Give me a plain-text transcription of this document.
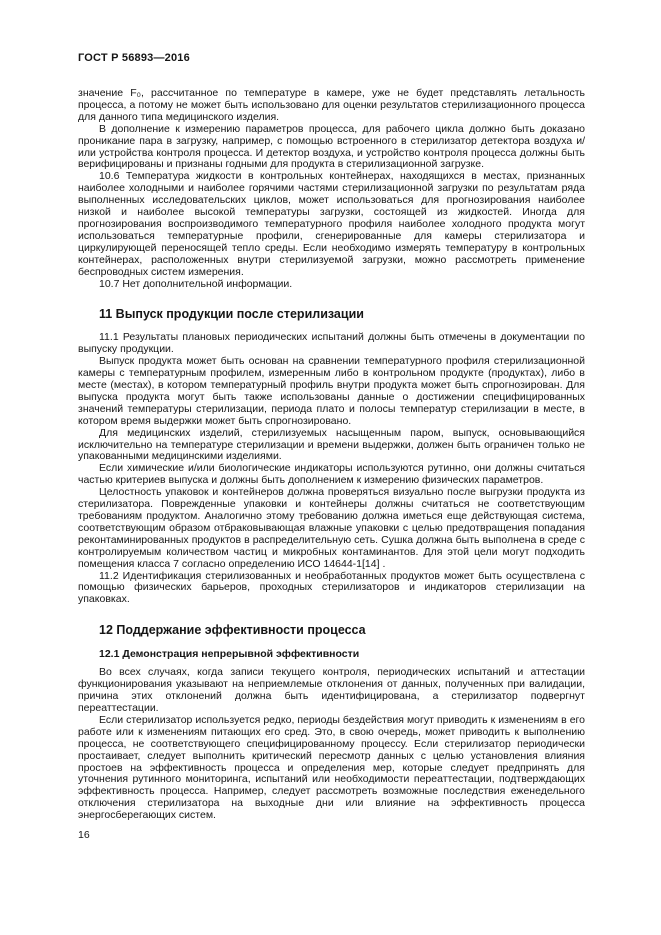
ГОСТ Р 56893—2016
значение F₀, рассчитанное по температуре в камере, уже не будет представлять летальность процесса, а потому не может быть использовано для оценки результатов стерилизационного процесса для данного типа медицинского изделия.
В дополнение к измерению параметров процесса, для рабочего цикла должно быть доказано проникание пара в загрузку, например, с помощью встроенного в стерилизатор детектора воздуха и/или устройства контроля процесса. И детектор воздуха, и устройство контроля процесса должны быть верифицированы и признаны годными для продукта в стерилизационной загрузке.
10.6 Температура жидкости в контрольных контейнерах, находящихся в местах, признанных наиболее холодными и наиболее горячими частями стерилизационной загрузки по результатам ряда выполненных исследовательских циклов, может использоваться для прогнозирования наиболее низкой и наиболее высокой температуры загрузки, состоящей из жидкостей. Иногда для прогнозирования воспроизводимого температурного профиля наиболее холодного продукта могут использоваться температурные профили, сгенерированные для камеры стерилизатора и циркулирующей переносящей тепло среды. Если необходимо измерять температуру в контрольных контейнерах, расположенных внутри стерилизуемой загрузки, можно рассмотреть применение беспроводных систем измерения.
10.7 Нет дополнительной информации.
11 Выпуск продукции после стерилизации
11.1 Результаты плановых периодических испытаний должны быть отмечены в документации по выпуску продукции.
Выпуск продукта может быть основан на сравнении температурного профиля стерилизационной камеры с температурным профилем, измеренным либо в контрольном продукте (продуктах), либо в месте (местах), в котором температурный профиль внутри продукта может быть спрогнозирован. Для выпуска продукта могут быть также использованы данные о достижении специфицированных значений температуры стерилизации, периода плато и полосы температур стерилизации в месте, в котором время выдержки может быть спрогнозировано.
Для медицинских изделий, стерилизуемых насыщенным паром, выпуск, основывающийся исключительно на температуре стерилизации и времени выдержки, должен быть ограничен только не упакованными медицинскими изделиями.
Если химические и/или биологические индикаторы используются рутинно, они должны считаться частью критериев выпуска и должны быть дополнением к измерению физических параметров.
Целостность упаковок и контейнеров должна проверяться визуально после выгрузки продукта из стерилизатора. Поврежденные упаковки и контейнеры должны считаться не соответствующим требованиям продуктом. Аналогично этому требованию должна иметься еще действующая система, соответствующим образом отбраковывающая влажные упаковки с целью предотвращения попадания реконтаминированных продуктов в распределительную сеть. Сушка должна быть выполнена в среде с контролируемым количеством частиц и микробных контаминантов. Для этой цели могут подходить помещения класса 7 согласно определению ИСО 14644-1[14] .
11.2 Идентификация стерилизованных и необработанных продуктов может быть осуществлена с помощью физических барьеров, проходных стерилизаторов и индикаторов стерилизации на упаковках.
12 Поддержание эффективности процесса
12.1 Демонстрация непрерывной эффективности
Во всех случаях, когда записи текущего контроля, периодических испытаний и аттестации функционирования указывают на неприемлемые отклонения от данных, полученных при валидации, причина этих отклонений должна быть идентифицирована, а стерилизатор подвергнут переаттестации.
Если стерилизатор используется редко, периоды бездействия могут приводить к изменениям в его работе или к изменениям питающих его сред. Это, в свою очередь, может приводить к выполнению процесса, не соответствующего специфицированному процессу. Если стерилизатор периодически простаивает, следует выполнить критический пересмотр данных с целью установления влияния простоев на эффективность процесса и определения мер, которые следует предпринять для уточнения рутинного мониторинга, испытаний или необходимости переаттестации, подтверждающих эффективность процесса. Например, следует рассмотреть возможные последствия еженедельного отключения стерилизатора на выходные дни или влияние на эффективность процесса энергосберегающих систем.
16
